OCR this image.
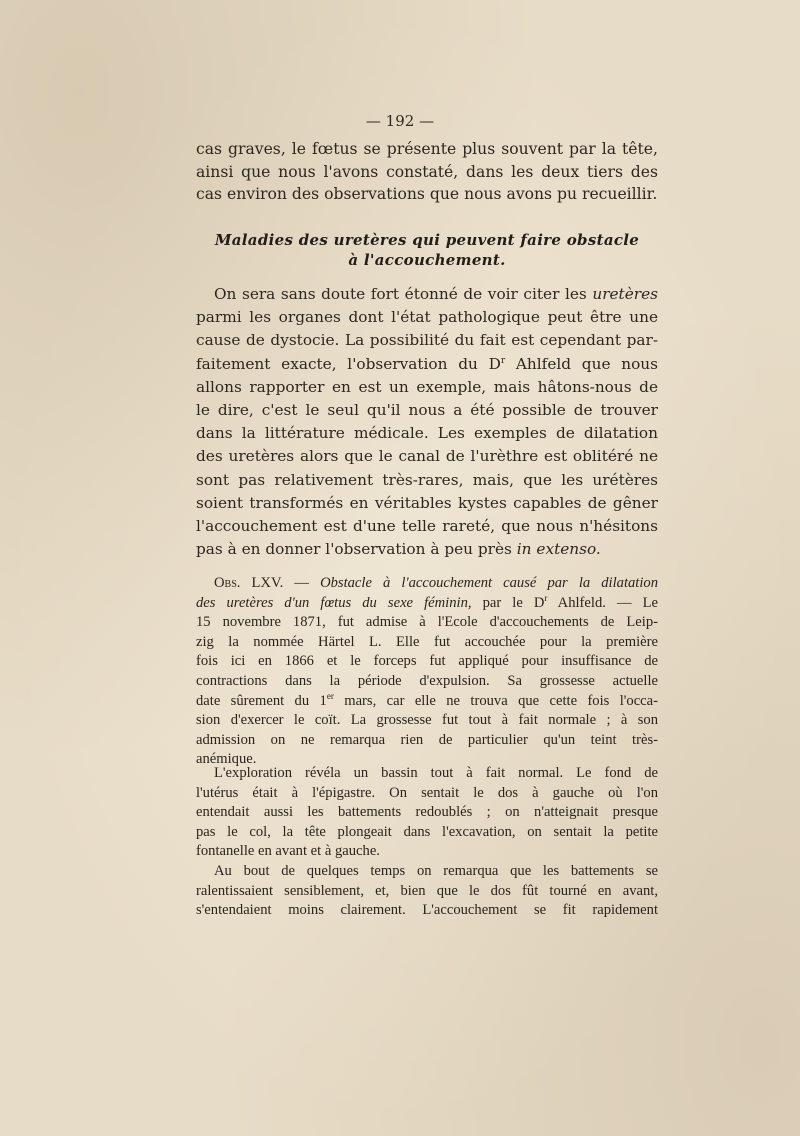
— 192 —
cas graves, le fœtus se présente plus souvent par la tête,
ainsi que nous l'avons constaté, dans les deux tiers des
cas environ des observations que nous avons pu recueillir.
Maladies des uretères qui peuvent faire obstacle
à l'accouchement.
On sera sans doute fort étonné de voir citer les uretères
parmi les organes dont l'état pathologique peut être une
cause de dystocie. La possibilité du fait est cependant par-
faitement exacte, l'observation du $D^r$ Ahlfeld que nous
allons rapporter en est un exemple, mais hâtons-nous de
le dire, c'est le seul qu'il nous a été possible de trouver
dans la littérature médicale. Les exemples de dilatation
des uretères alors que le canal de l'urèthre est oblitéré ne
sont pas relativement très-rares, mais, que les urétères
soient transformés en véritables kystes capables de gêner
l'accouchement est d'une telle rareté, que nous n'hésitons
pas à en donner l'observation à peu près in extenso.
Obs. LXV. — Obstacle à l'accouchement causé par la dilatation
des uretères d'un fœtus du sexe féminin, par le $D^r$ Ahlfeld. — Le
15 novembre 1871, fut admise à l'Ecole d'accouchements de Leip-
zig la nommée Härtel L. Elle fut accouchée pour la première
fois ici en 1866 et le forceps fut appliqué pour insuffisance de
contractions dans la période d'expulsion. Sa grossesse actuelle
date sûrement du 1er mars, car elle ne trouva que cette fois l'occa-
sion d'exercer le coït. La grossesse fut tout à fait normale ; à son
admission on ne remarqua rien de particulier qu'un teint très-
anémique.
L'exploration révéla un bassin tout à fait normal. Le fond de
l'utérus était à l'épigastre. On sentait le dos à gauche où l'on
entendait aussi les battements redoublés ; on n'atteignait presque
pas le col, la tête plongeait dans l'excavation, on sentait la petite
fontanelle en avant et à gauche.
Au bout de quelques temps on remarqua que les battements se
ralentissaient sensiblement, et, bien que le dos fût tourné en avant,
s'entendaient moins clairement. L'accouchement se fit rapidement
